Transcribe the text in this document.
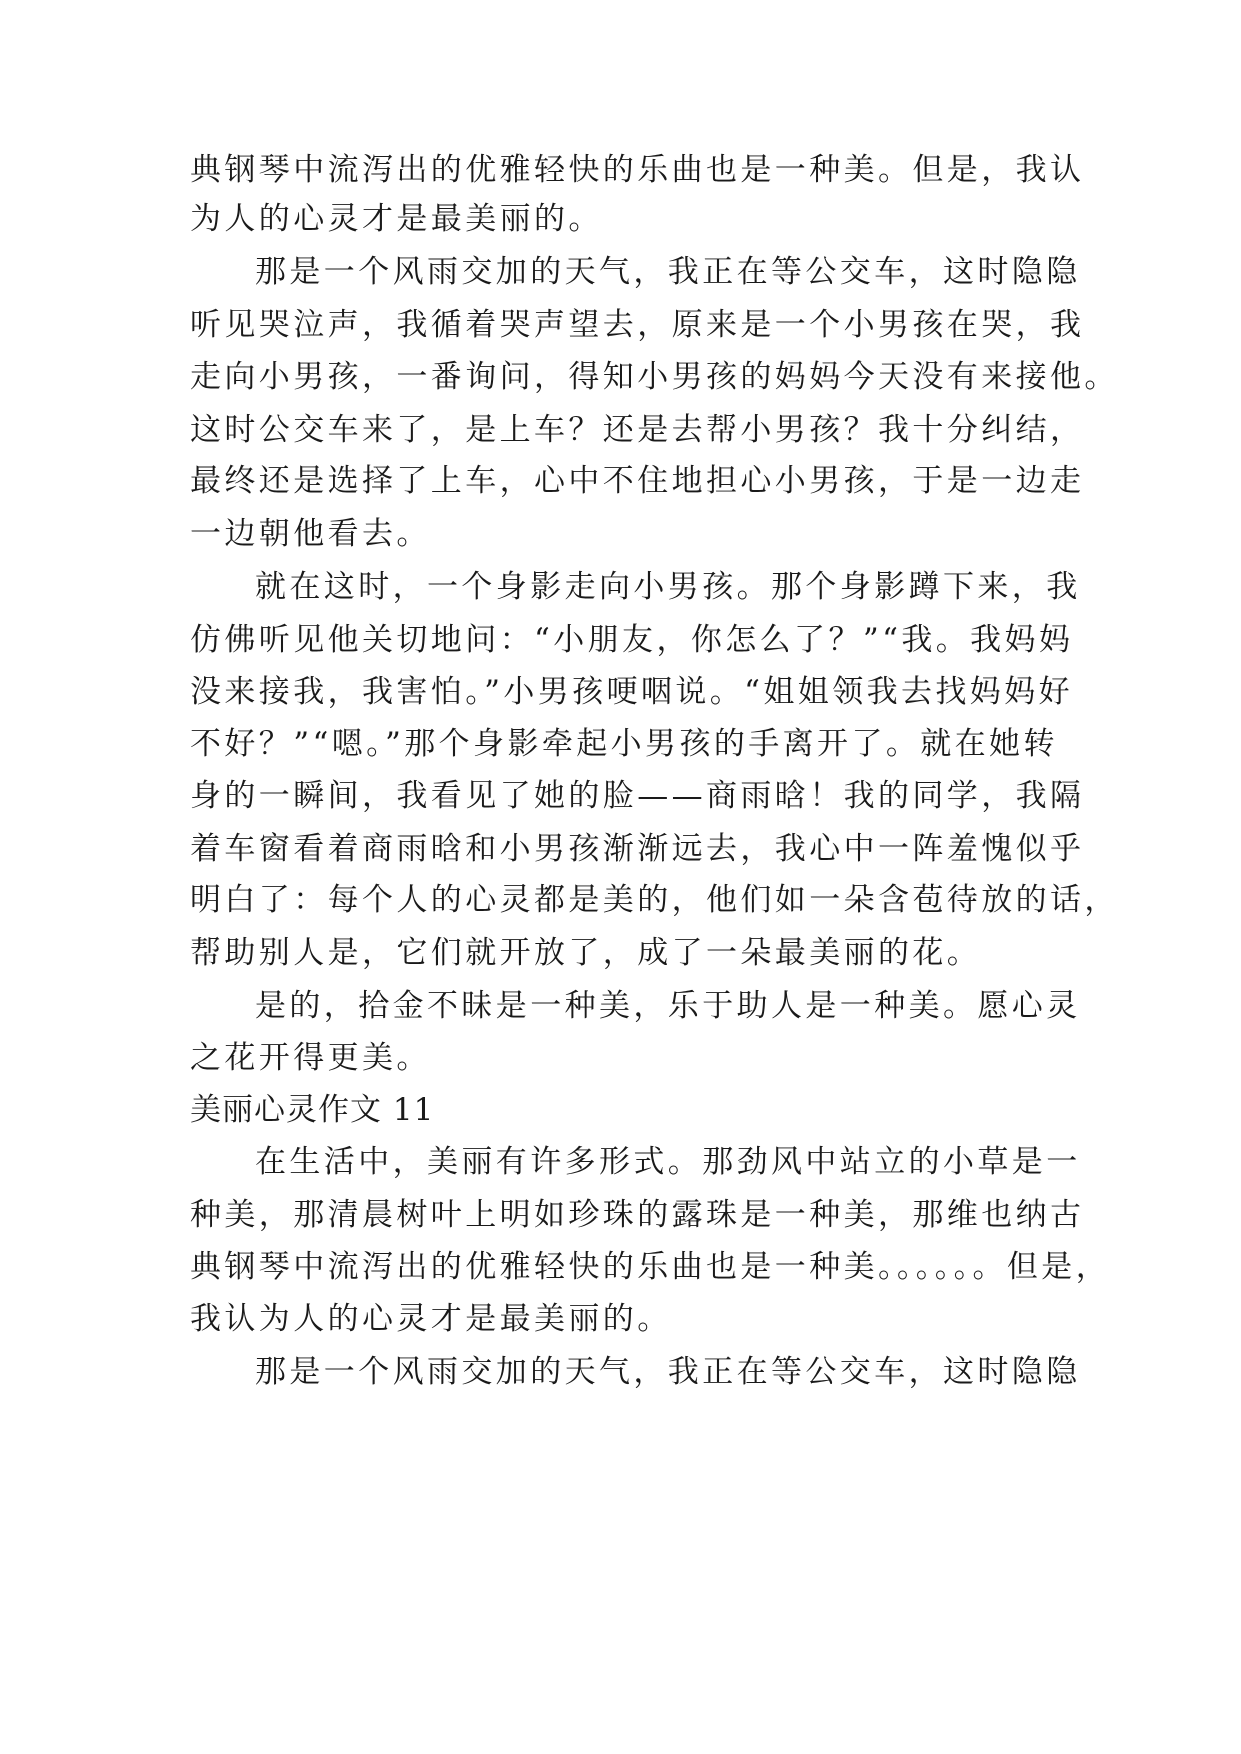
典钢琴中流泻出的优雅轻快的乐曲也是一种美。但是，我认
为人的心灵才是最美丽的。
那是一个风雨交加的天气，我正在等公交车，这时隐隐
听见哭泣声，我循着哭声望去，原来是一个小男孩在哭，我
走向小男孩，一番询问，得知小男孩的妈妈今天没有来接他。
这时公交车来了，是上车？还是去帮小男孩？我十分纠结，
最终还是选择了上车，心中不住地担心小男孩，于是一边走
一边朝他看去。
就在这时，一个身影走向小男孩。那个身影蹲下来，我
仿佛听见他关切地问：“小朋友，你怎么了？”“我。我妈妈
没来接我，我害怕。”小男孩哽咽说。“姐姐领我去找妈妈好
不好？”“嗯。”那个身影牵起小男孩的手离开了。就在她转
身的一瞬间，我看见了她的脸——商雨晗！我的同学，我隔
着车窗看着商雨晗和小男孩渐渐远去，我心中一阵羞愧似乎
明白了：每个人的心灵都是美的，他们如一朵含苞待放的话，
帮助别人是，它们就开放了，成了一朵最美丽的花。
是的，拾金不昧是一种美，乐于助人是一种美。愿心灵
之花开得更美。
美丽心灵作文 11
在生活中，美丽有许多形式。那劲风中站立的小草是一
种美，那清晨树叶上明如珍珠的露珠是一种美，那维也纳古
典钢琴中流泻出的优雅轻快的乐曲也是一种美。。。。。。但是，
我认为人的心灵才是最美丽的。
那是一个风雨交加的天气，我正在等公交车，这时隐隐
